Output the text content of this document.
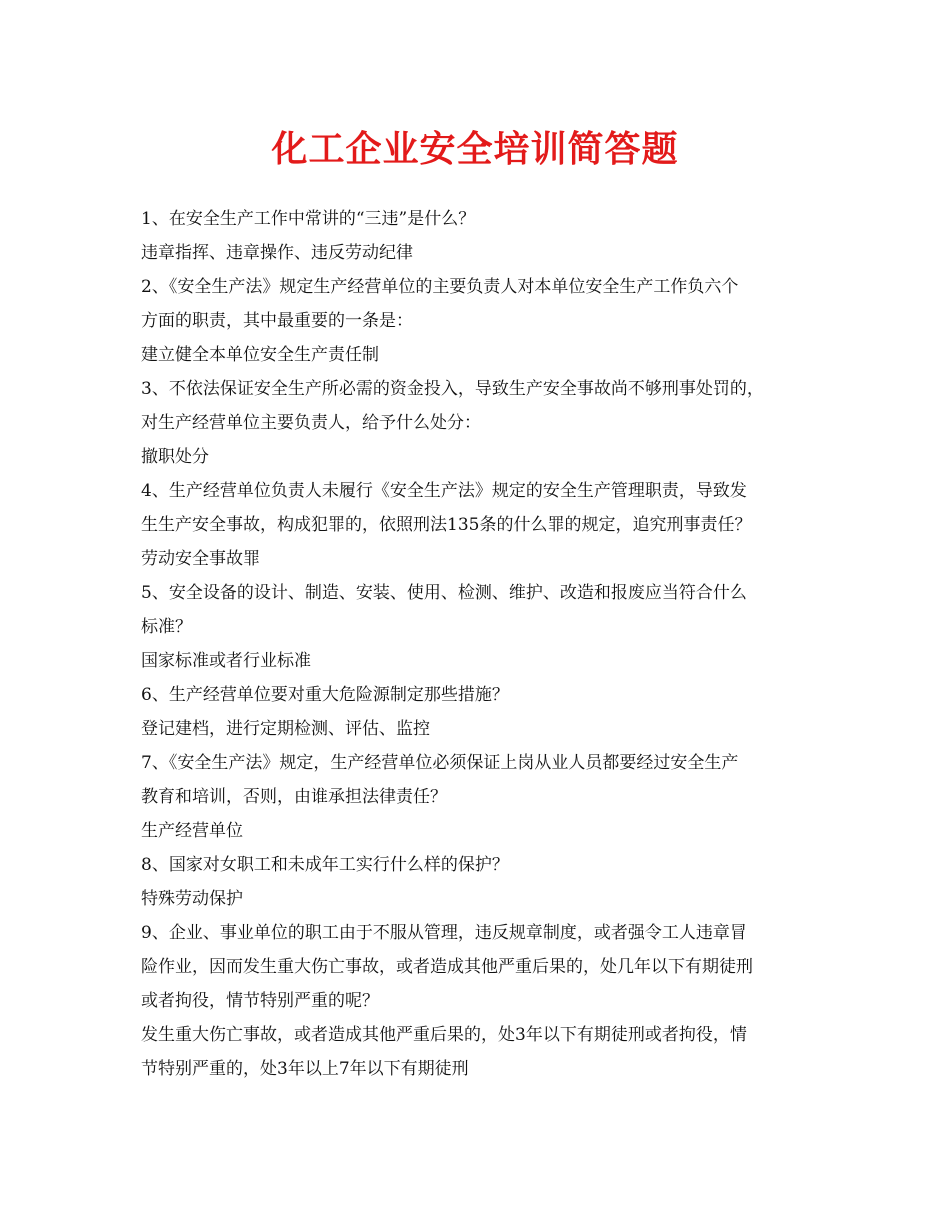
化工企业安全培训简答题

1、在安全生产工作中常讲的“三违”是什么？

违章指挥、违章操作、违反劳动纪律

2、《安全生产法》规定生产经营单位的主要负责人对本单位安全生产工作负六个

方面的职责，其中最重要的一条是：

建立健全本单位安全生产责任制

3、不依法保证安全生产所必需的资金投入，导致生产安全事故尚不够刑事处罚的，

对生产经营单位主要负责人，给予什么处分：

撤职处分

4、生产经营单位负责人未履行《安全生产法》规定的安全生产管理职责，导致发

生生产安全事故，构成犯罪的，依照刑法135条的什么罪的规定，追究刑事责任？

劳动安全事故罪

5、安全设备的设计、制造、安装、使用、检测、维护、改造和报废应当符合什么

标准？

国家标准或者行业标准

6、生产经营单位要对重大危险源制定那些措施？

登记建档，进行定期检测、评估、监控

7、《安全生产法》规定，生产经营单位必须保证上岗从业人员都要经过安全生产

教育和培训，否则，由谁承担法律责任？

生产经营单位

8、国家对女职工和未成年工实行什么样的保护？

特殊劳动保护

9、企业、事业单位的职工由于不服从管理，违反规章制度，或者强令工人违章冒

险作业，因而发生重大伤亡事故，或者造成其他严重后果的，处几年以下有期徒刑

或者拘役，情节特别严重的呢？

发生重大伤亡事故，或者造成其他严重后果的，处3年以下有期徒刑或者拘役，情

节特别严重的，处3年以上7年以下有期徒刑
